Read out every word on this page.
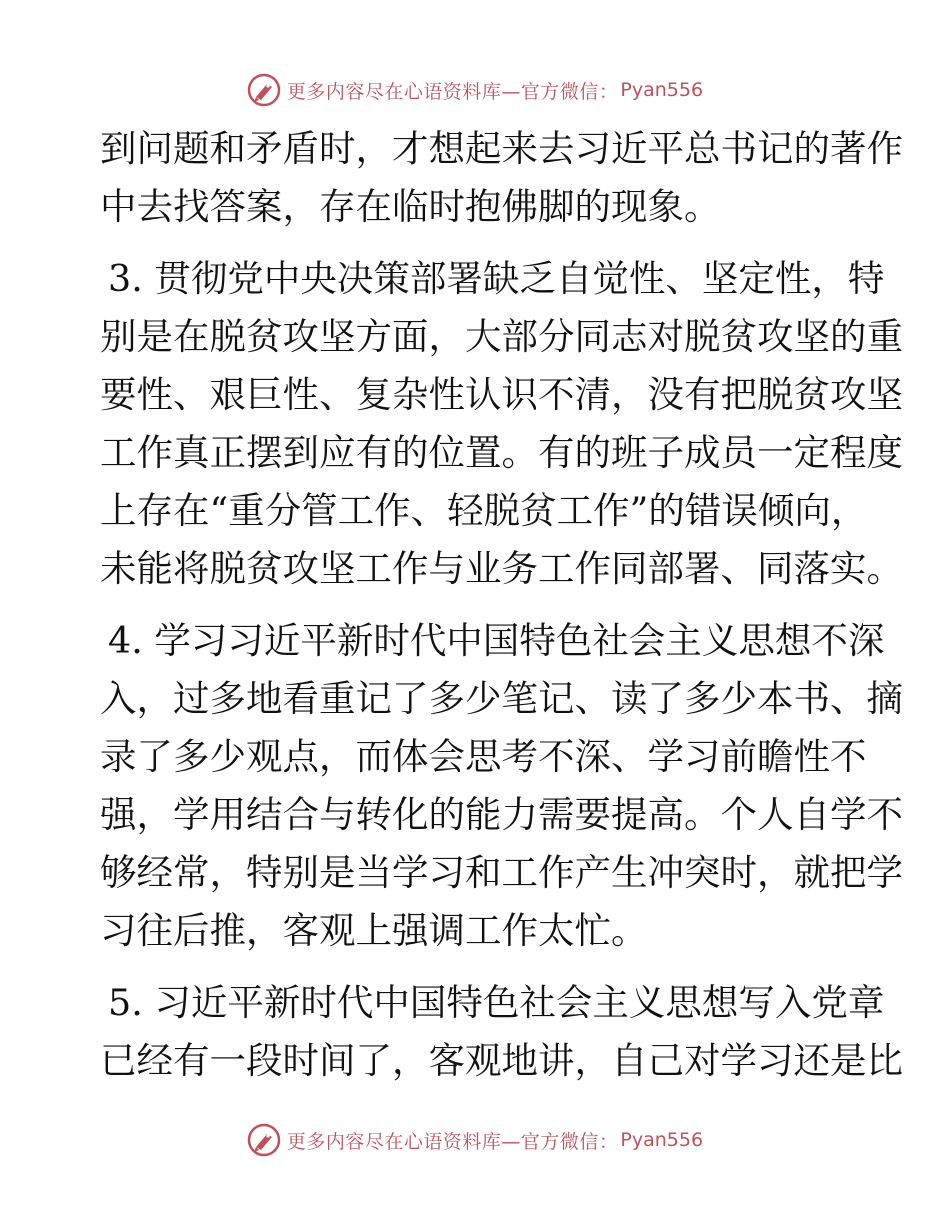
更多内容尽在心语资料库—官方微信： Pyan556
到问题和矛盾时，才想起来去习近平总书记的著作
中去找答案，存在临时抱佛脚的现象。
3. 贯彻党中央决策部署缺乏自觉性、坚定性，特
别是在脱贫攻坚方面，大部分同志对脱贫攻坚的重
要性、艰巨性、复杂性认识不清，没有把脱贫攻坚
工作真正摆到应有的位置。有的班子成员一定程度
上存在“重分管工作、轻脱贫工作”的错误倾向，
未能将脱贫攻坚工作与业务工作同部署、同落实。
4. 学习习近平新时代中国特色社会主义思想不深
入，过多地看重记了多少笔记、读了多少本书、摘
录了多少观点，而体会思考不深、学习前瞻性不
强，学用结合与转化的能力需要提高。个人自学不
够经常，特别是当学习和工作产生冲突时，就把学
习往后推，客观上强调工作太忙。
5. 习近平新时代中国特色社会主义思想写入党章
已经有一段时间了，客观地讲，自己对学习还是比
更多内容尽在心语资料库—官方微信： Pyan556
